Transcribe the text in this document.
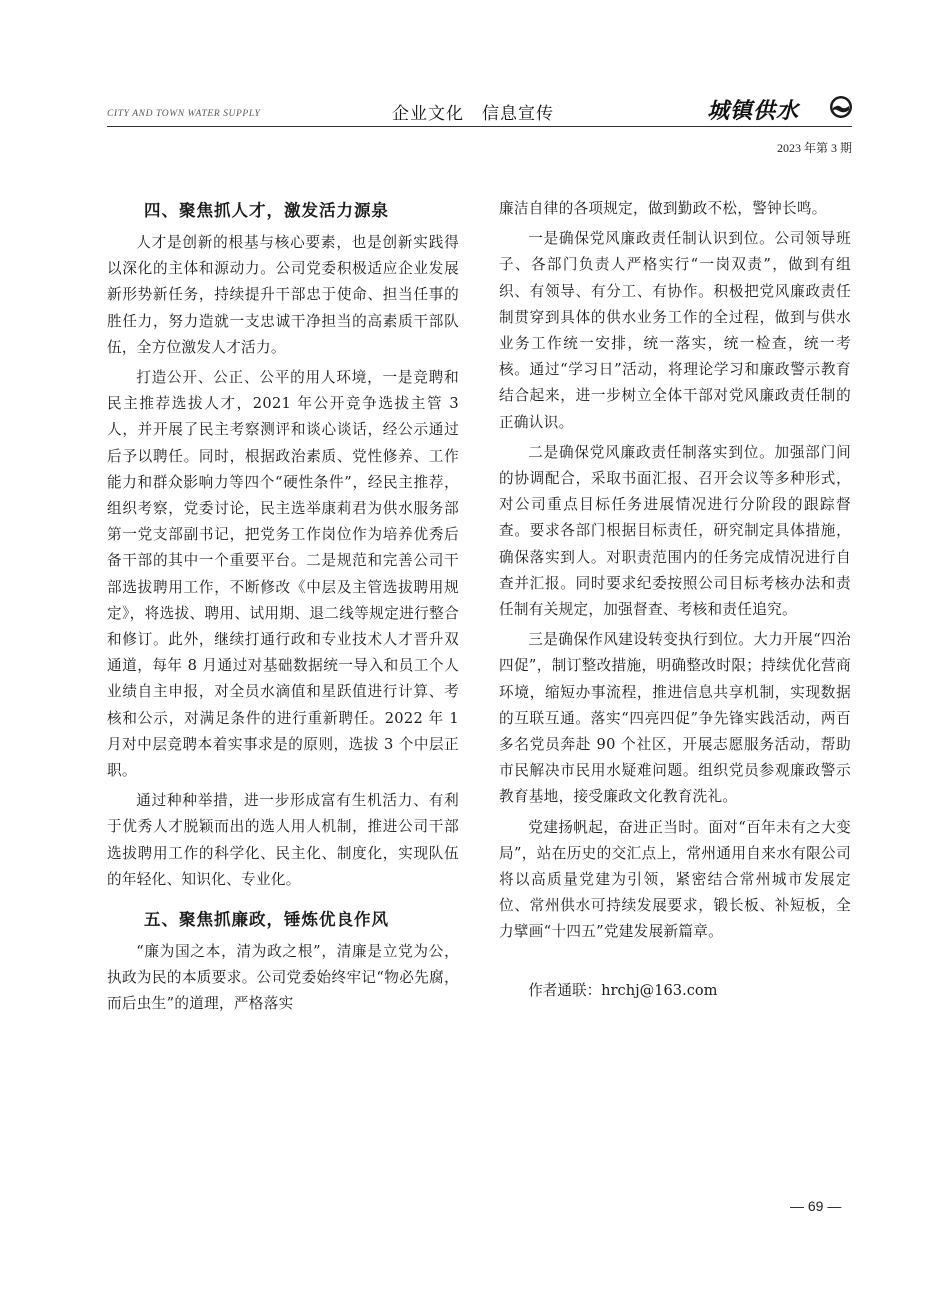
CITY AND TOWN WATER SUPPLY	企业文化　信息宣传	城镇供水
2023 年第 3 期
四、聚焦抓人才，激发活力源泉

人才是创新的根基与核心要素，也是创新实践得以深化的主体和源动力。公司党委积极适应企业发展新形势新任务，持续提升干部忠于使命、担当任事的胜任力，努力造就一支忠诚干净担当的高素质干部队伍，全方位激发人才活力。

打造公开、公正、公平的用人环境，一是竞聘和民主推荐选拔人才，2021 年公开竞争选拔主管 3 人，并开展了民主考察测评和谈心谈话，经公示通过后予以聘任。同时，根据政治素质、党性修养、工作能力和群众影响力等四个“硬性条件”，经民主推荐，组织考察，党委讨论，民主选举康莉君为供水服务部第一党支部副书记，把党务工作岗位作为培养优秀后备干部的其中一个重要平台。二是规范和完善公司干部选拔聘用工作，不断修改《中层及主管选拔聘用规定》，将选拔、聘用、试用期、退二线等规定进行整合和修订。此外，继续打通行政和专业技术人才晋升双通道，每年 8 月通过对基础数据统一导入和员工个人业绩自主申报，对全员水滴值和星跃值进行计算、考核和公示，对满足条件的进行重新聘任。2022 年 1 月对中层竞聘本着实事求是的原则，选拔 3 个中层正职。

通过种种举措，进一步形成富有生机活力、有利于优秀人才脱颖而出的选人用人机制，推进公司干部选拔聘用工作的科学化、民主化、制度化，实现队伍的年轻化、知识化、专业化。

五、聚焦抓廉政，锤炼优良作风

“廉为国之本，清为政之根”，清廉是立党为公，执政为民的本质要求。公司党委始终牢记“物必先腐，而后虫生”的道理，严格落实

廉洁自律的各项规定，做到勤政不松，警钟长鸣。

一是确保党风廉政责任制认识到位。公司领导班子、各部门负责人严格实行“一岗双责”，做到有组织、有领导、有分工、有协作。积极把党风廉政责任制贯穿到具体的供水业务工作的全过程，做到与供水业务工作统一安排，统一落实，统一检查，统一考核。通过“学习日”活动，将理论学习和廉政警示教育结合起来，进一步树立全体干部对党风廉政责任制的正确认识。

二是确保党风廉政责任制落实到位。加强部门间的协调配合，采取书面汇报、召开会议等多种形式，对公司重点目标任务进展情况进行分阶段的跟踪督查。要求各部门根据目标责任，研究制定具体措施，确保落实到人。对职责范围内的任务完成情况进行自查并汇报。同时要求纪委按照公司目标考核办法和责任制有关规定，加强督查、考核和责任追究。

三是确保作风建设转变执行到位。大力开展“四治四促”，制订整改措施，明确整改时限；持续优化营商环境，缩短办事流程，推进信息共享机制，实现数据的互联互通。落实“四亮四促”争先锋实践活动，两百多名党员奔赴 90 个社区，开展志愿服务活动，帮助市民解决市民用水疑难问题。组织党员参观廉政警示教育基地，接受廉政文化教育洗礼。

党建扬帆起，奋进正当时。面对“百年未有之大变局”，站在历史的交汇点上，常州通用自来水有限公司将以高质量党建为引领，紧密结合常州城市发展定位、常州供水可持续发展要求，锻长板、补短板，全力擘画“十四五”党建发展新篇章。

作者通联：hrchj@163.com

— 69 —
